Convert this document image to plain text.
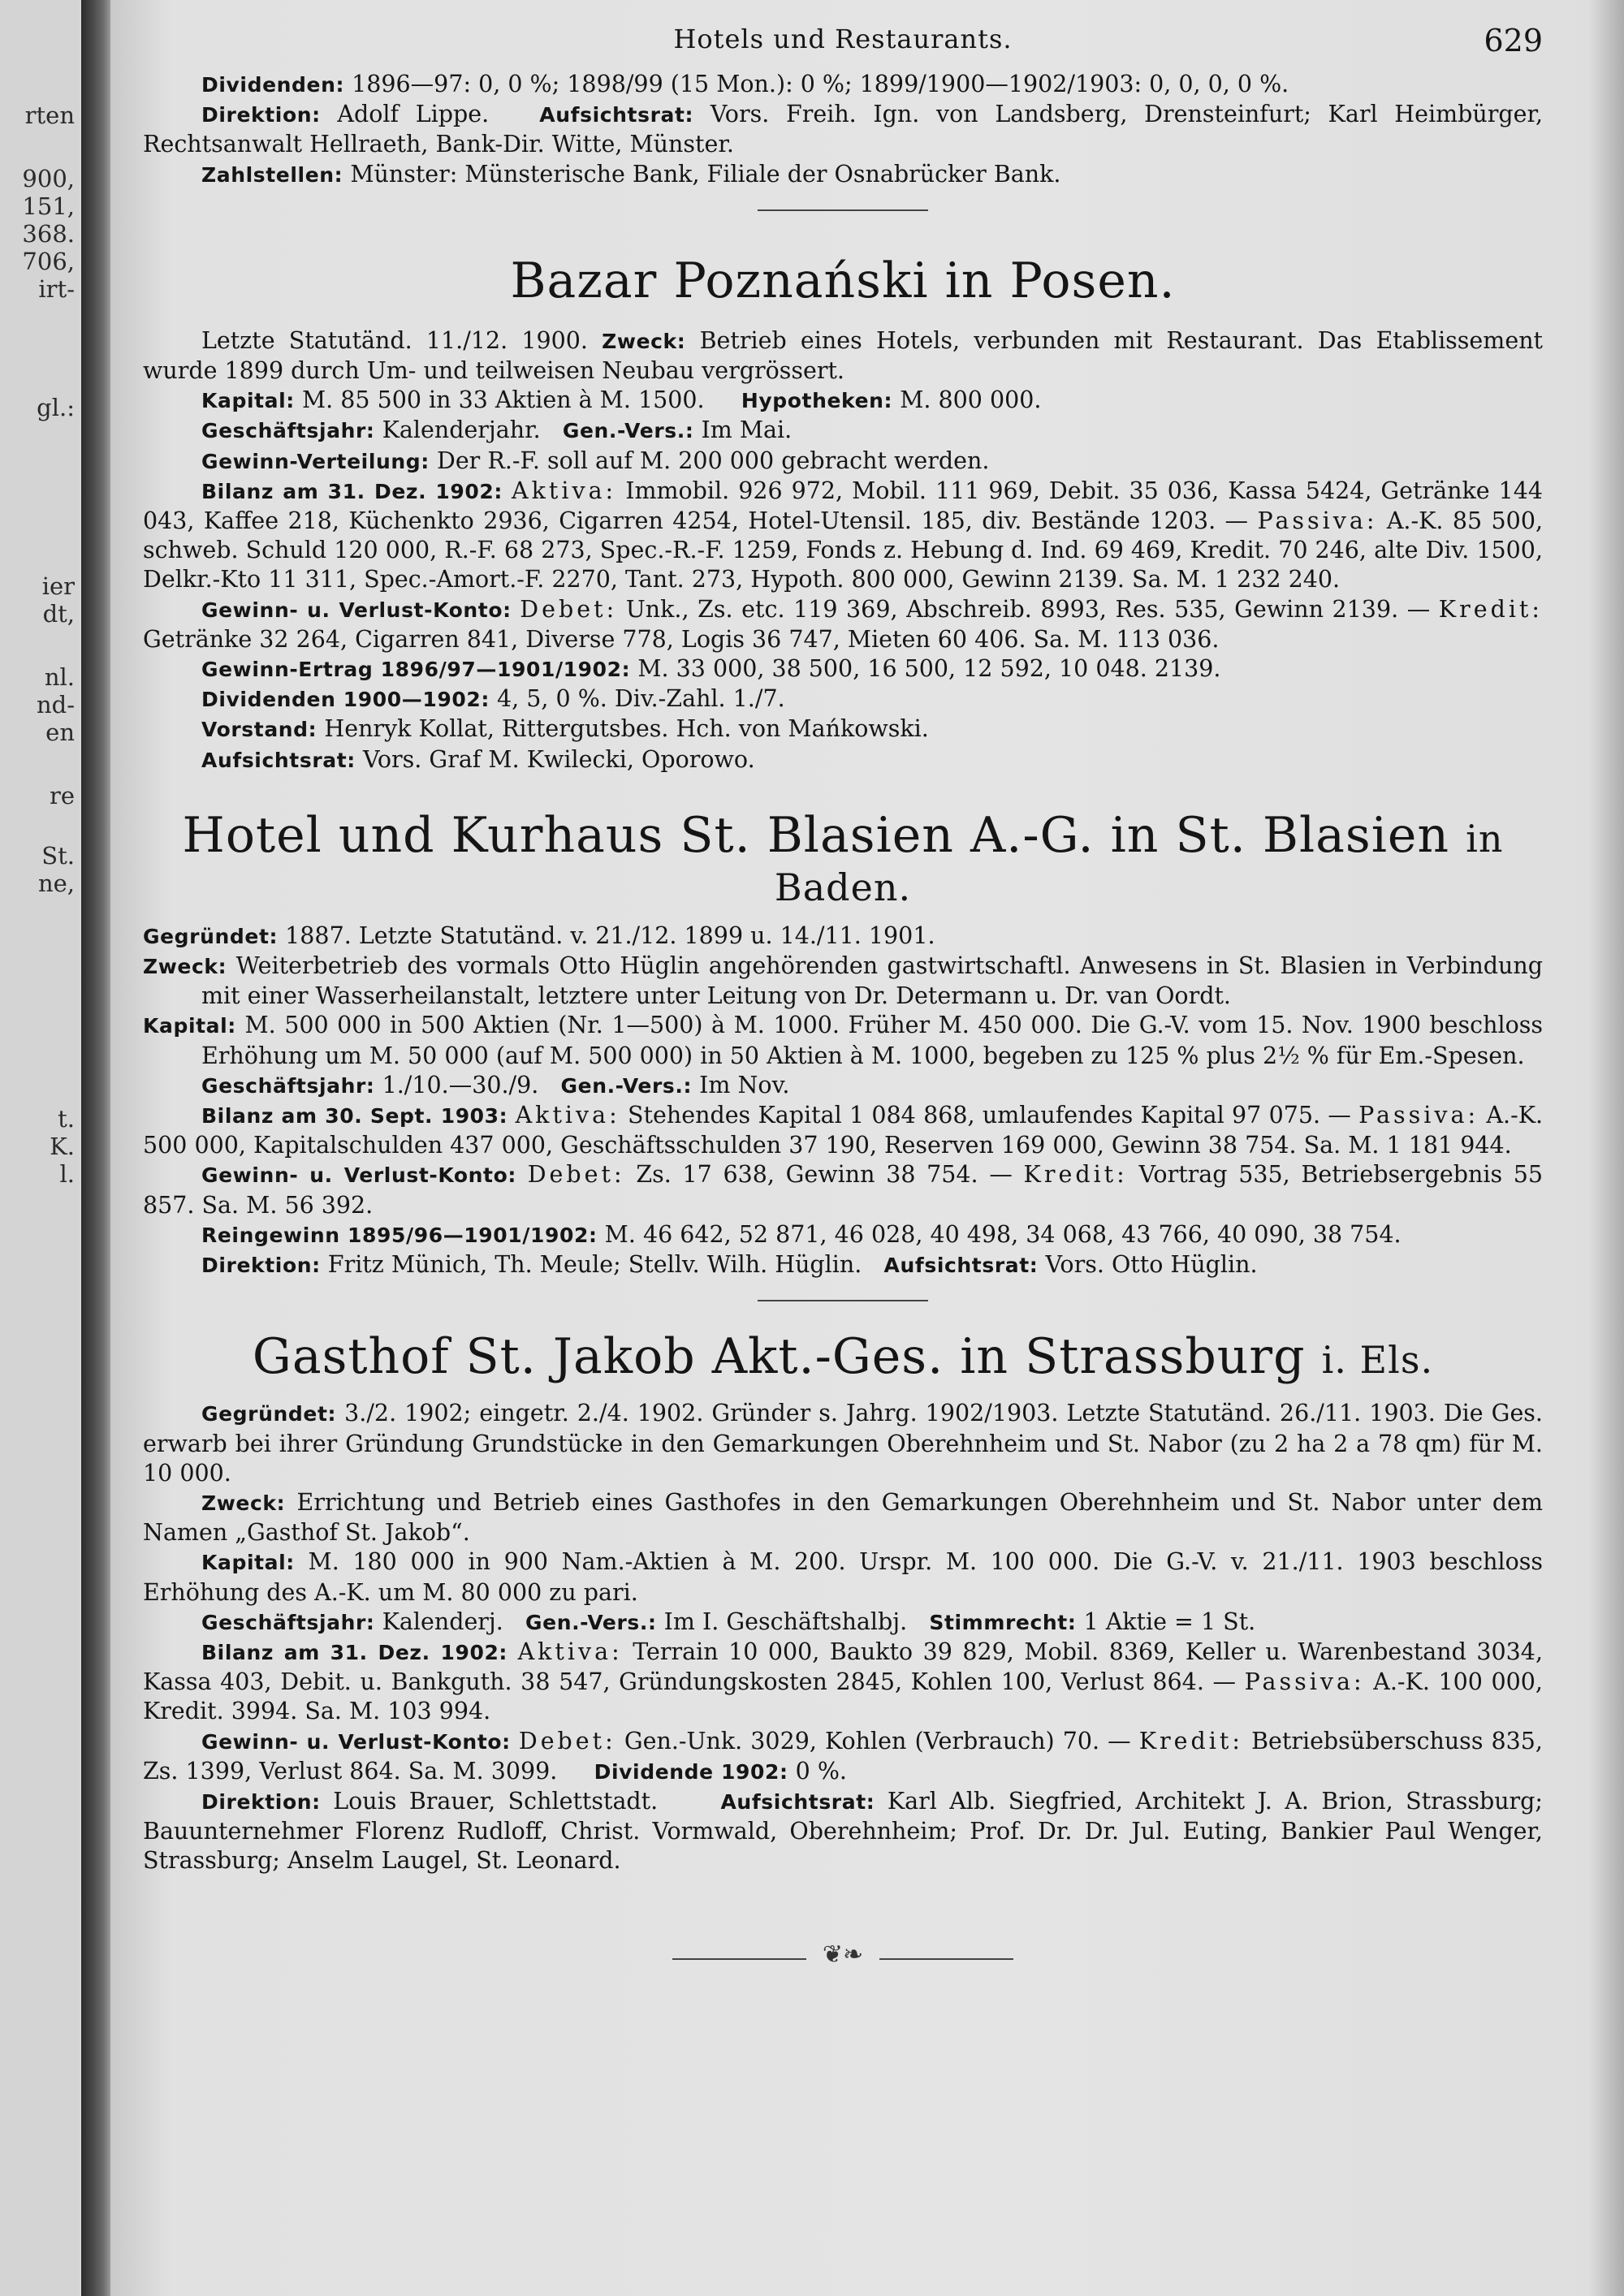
rten
900,
151,
368.
706,
irt-
gl.:
ier
dt,
nl.
nd-
en
re
St.
ne,
t.
K.
l.
Hotels und Restaurants.	629

Dividenden: 1896—97: 0, 0 %; 1898/99 (15 Mon.): 0 %; 1899/1900—1902/1903: 0, 0, 0, 0 %.

Direktion: Adolf Lippe. Aufsichtsrat: Vors. Freih. Ign. von Landsberg, Drensteinfurt; Karl Heimbürger, Rechtsanwalt Hellraeth, Bank-Dir. Witte, Münster.

Zahlstellen: Münster: Münsterische Bank, Filiale der Osnabrücker Bank.

Bazar Poznański in Posen.

Letzte Statutänd. 11./12. 1900. Zweck: Betrieb eines Hotels, verbunden mit Restaurant. Das Etablissement wurde 1899 durch Um- und teilweisen Neubau vergrössert.

Kapital: M. 85 500 in 33 Aktien à M. 1500. Hypotheken: M. 800 000.

Geschäftsjahr: Kalenderjahr. Gen.-Vers.: Im Mai.

Gewinn-Verteilung: Der R.-F. soll auf M. 200 000 gebracht werden.

Bilanz am 31. Dez. 1902: Aktiva: Immobil. 926 972, Mobil. 111 969, Debit. 35 036, Kassa 5424, Getränke 144 043, Kaffee 218, Küchenkto 2936, Cigarren 4254, Hotel-Utensil. 185, div. Bestände 1203. — Passiva: A.-K. 85 500, schweb. Schuld 120 000, R.-F. 68 273, Spec.-R.-F. 1259, Fonds z. Hebung d. Ind. 69 469, Kredit. 70 246, alte Div. 1500, Delkr.-Kto 11 311, Spec.-Amort.-F. 2270, Tant. 273, Hypoth. 800 000, Gewinn 2139. Sa. M. 1 232 240.

Gewinn- u. Verlust-Konto: Debet: Unk., Zs. etc. 119 369, Abschreib. 8993, Res. 535, Gewinn 2139. — Kredit: Getränke 32 264, Cigarren 841, Diverse 778, Logis 36 747, Mieten 60 406. Sa. M. 113 036.

Gewinn-Ertrag 1896/97—1901/1902: M. 33 000, 38 500, 16 500, 12 592, 10 048. 2139.

Dividenden 1900—1902: 4, 5, 0 %. Div.-Zahl. 1./7.

Vorstand: Henryk Kollat, Rittergutsbes. Hch. von Mańkowski.

Aufsichtsrat: Vors. Graf M. Kwilecki, Oporowo.

Hotel und Kurhaus St. Blasien A.-G. in St. Blasien in Baden.

Gegründet: 1887. Letzte Statutänd. v. 21./12. 1899 u. 14./11. 1901.

Zweck: Weiterbetrieb des vormals Otto Hüglin angehörenden gastwirtschaftl. Anwesens in St. Blasien in Verbindung mit einer Wasserheilanstalt, letztere unter Leitung von Dr. Determann u. Dr. van Oordt.

Kapital: M. 500 000 in 500 Aktien (Nr. 1—500) à M. 1000. Früher M. 450 000. Die G.-V. vom 15. Nov. 1900 beschloss Erhöhung um M. 50 000 (auf M. 500 000) in 50 Aktien à M. 1000, begeben zu 125 % plus 2½ % für Em.-Spesen.

Geschäftsjahr: 1./10.—30./9. Gen.-Vers.: Im Nov.

Bilanz am 30. Sept. 1903: Aktiva: Stehendes Kapital 1 084 868, umlaufendes Kapital 97 075. — Passiva: A.-K. 500 000, Kapitalschulden 437 000, Geschäftsschulden 37 190, Reserven 169 000, Gewinn 38 754. Sa. M. 1 181 944.

Gewinn- u. Verlust-Konto: Debet: Zs. 17 638, Gewinn 38 754. — Kredit: Vortrag 535, Betriebsergebnis 55 857. Sa. M. 56 392.

Reingewinn 1895/96—1901/1902: M. 46 642, 52 871, 46 028, 40 498, 34 068, 43 766, 40 090, 38 754.

Direktion: Fritz Münich, Th. Meule; Stellv. Wilh. Hüglin. Aufsichtsrat: Vors. Otto Hüglin.

Gasthof St. Jakob Akt.-Ges. in Strassburg i. Els.

Gegründet: 3./2. 1902; eingetr. 2./4. 1902. Gründer s. Jahrg. 1902/1903. Letzte Statutänd. 26./11. 1903. Die Ges. erwarb bei ihrer Gründung Grundstücke in den Gemarkungen Oberehnheim und St. Nabor (zu 2 ha 2 a 78 qm) für M. 10 000.

Zweck: Errichtung und Betrieb eines Gasthofes in den Gemarkungen Oberehnheim und St. Nabor unter dem Namen „Gasthof St. Jakob“.

Kapital: M. 180 000 in 900 Nam.-Aktien à M. 200. Urspr. M. 100 000. Die G.-V. v. 21./11. 1903 beschloss Erhöhung des A.-K. um M. 80 000 zu pari.

Geschäftsjahr: Kalenderj. Gen.-Vers.: Im I. Geschäftshalbj. Stimmrecht: 1 Aktie = 1 St.

Bilanz am 31. Dez. 1902: Aktiva: Terrain 10 000, Baukto 39 829, Mobil. 8369, Keller u. Warenbestand 3034, Kassa 403, Debit. u. Bankguth. 38 547, Gründungskosten 2845, Kohlen 100, Verlust 864. — Passiva: A.-K. 100 000, Kredit. 3994. Sa. M. 103 994.

Gewinn- u. Verlust-Konto: Debet: Gen.-Unk. 3029, Kohlen (Verbrauch) 70. — Kredit: Betriebsüberschuss 835, Zs. 1399, Verlust 864. Sa. M. 3099. Dividende 1902: 0 %.

Direktion: Louis Brauer, Schlettstadt.	Aufsichtsrat: Karl Alb. Siegfried, Architekt J. A. Brion, Strassburg; Bauunternehmer Florenz Rudloff, Christ. Vormwald, Oberehnheim; Prof. Dr. Dr. Jul. Euting, Bankier Paul Wenger, Strassburg; Anselm Laugel, St. Leonard.

❦❧
